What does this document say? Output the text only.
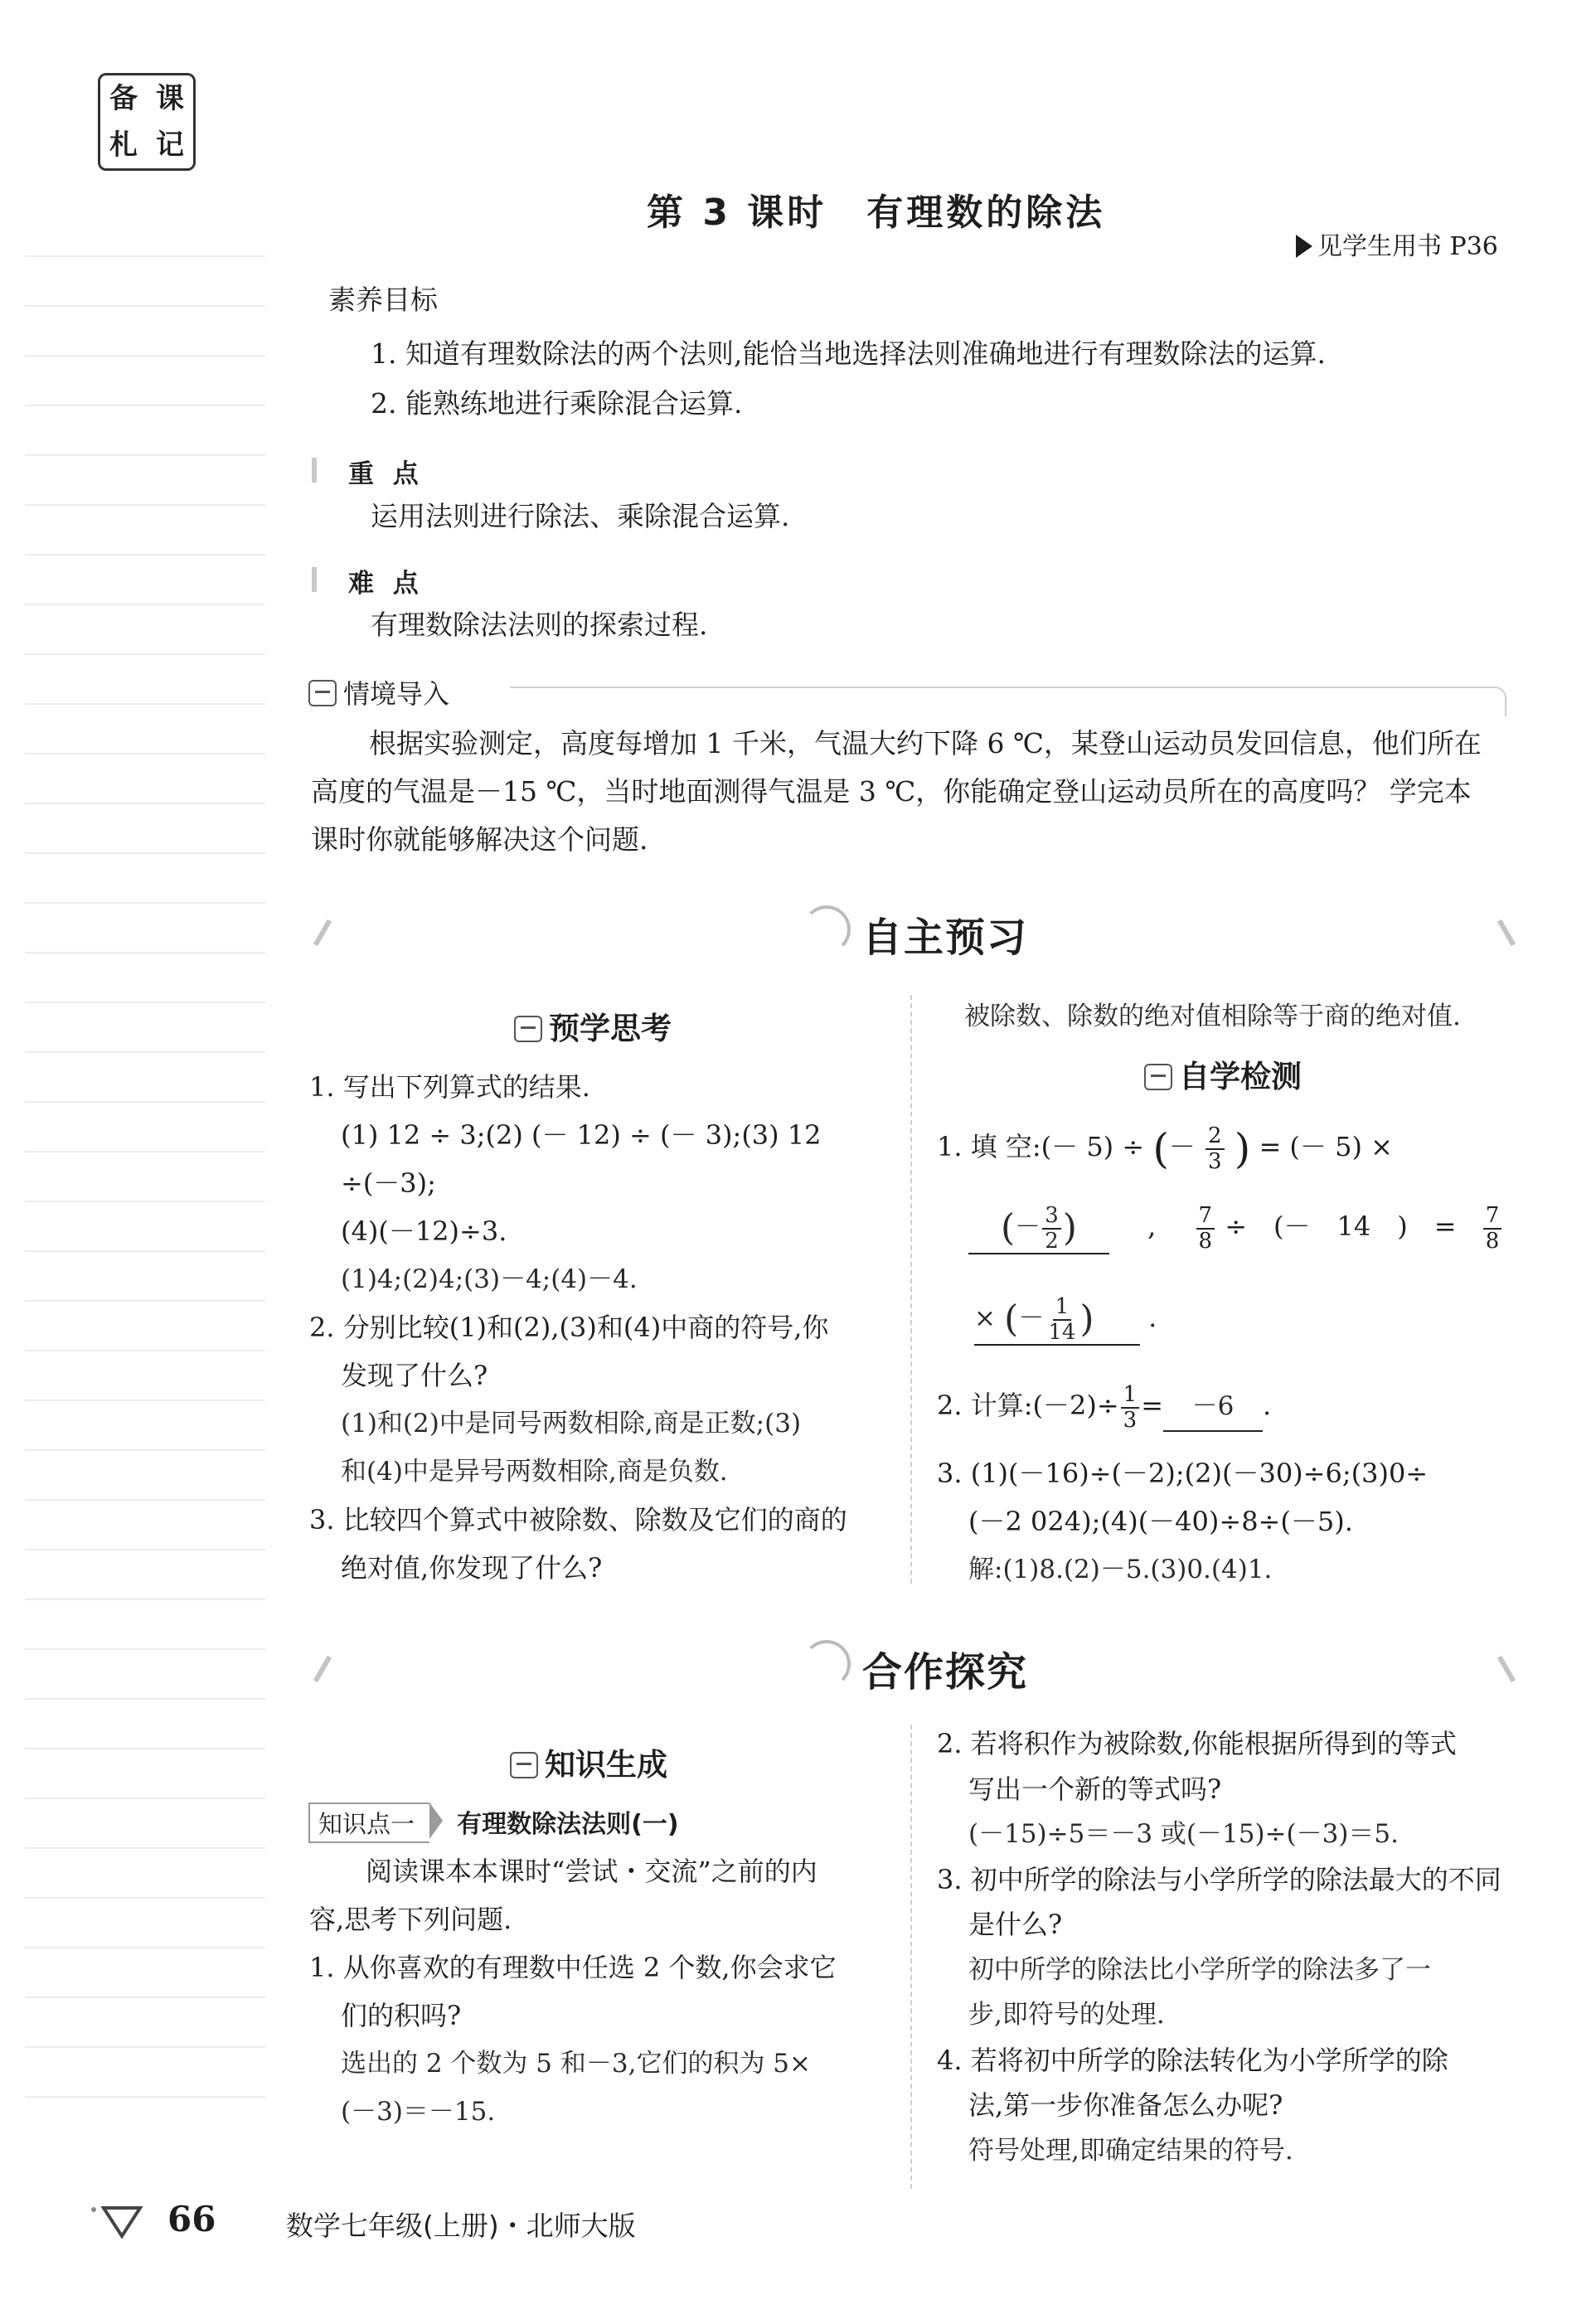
备 课
札 记
第 3 课时　有理数的除法
见学生用书 P36
素养目标
1. 知道有理数除法的两个法则,能恰当地选择法则准确地进行有理数除法的运算.
2. 能熟练地进行乘除混合运算.
重 点
运用法则进行除法、乘除混合运算.
难 点
有理数除法法则的探索过程.
情境导入
根据实验测定，高度每增加 1 千米，气温大约下降 6 ℃，某登山运动员发回信息，他们所在
高度的气温是－15 ℃，当时地面测得气温是 3 ℃，你能确定登山运动员所在的高度吗？ 学完本
课时你就能够解决这个问题.
自主预习
预学思考
1. 写出下列算式的结果.
(1) 12 ÷ 3;(2) (－ 12) ÷ (－ 3);(3) 12
÷(－3);
(4)(－12)÷3.
(1)4;(2)4;(3)－4;(4)－4.
2. 分别比较(1)和(2),(3)和(4)中商的符号,你
发现了什么?
(1)和(2)中是同号两数相除,商是正数;(3)
和(4)中是异号两数相除,商是负数.
3. 比较四个算式中被除数、除数及它们的商的
绝对值,你发现了什么?
被除数、除数的绝对值相除等于商的绝对值.
自学检测
1. 填 空:(－ 5) ÷ (－ $\frac{2}{3}$ ) = (－ 5) ×
(－ $\frac{3}{2}$ )	, $\frac{7}{8}$ ÷　(－　14　)　= $\frac{7}{8}$
× (－ $\frac{1}{14}$ ) .
2. 计算:(－2)÷ $\frac{1}{3} = -6$ .
3. (1)(－16)÷(－2);(2)(－30)÷6;(3)0÷
(－2 024);(4)(－40)÷8÷(－5).
解:(1)8.(2)－5.(3)0.(4)1.
合作探究
知识生成
知识点一 有理数除法法则(一)
阅读课本本课时“尝试・交流”之前的内
容,思考下列问题.
1. 从你喜欢的有理数中任选 2 个数,你会求它
们的积吗?
选出的 2 个数为 5 和－3,它们的积为 5×
(－3)＝－15.
2. 若将积作为被除数,你能根据所得到的等式
写出一个新的等式吗?
(－15)÷5＝－3 或(－15)÷(－3)＝5.
3. 初中所学的除法与小学所学的除法最大的不同
是什么?
初中所学的除法比小学所学的除法多了一
步,即符号的处理.
4. 若将初中所学的除法转化为小学所学的除
法,第一步你准备怎么办呢?
符号处理,即确定结果的符号.
66	数学七年级(上册)・北师大版
